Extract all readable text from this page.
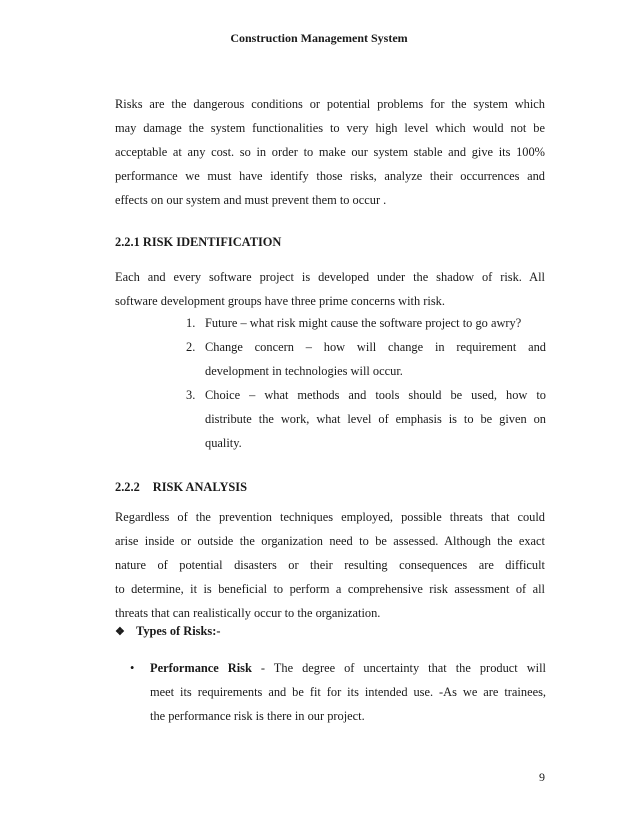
Construction Management System

Risks are the dangerous conditions or potential problems for the system which
may damage the system functionalities to very high level which would not be
acceptable at any cost. so in order to make our system stable and give its 100%
performance we must have identify those risks, analyze their occurrences and
effects on our system and must prevent them to occur .

2.2.1 RISK IDENTIFICATION

Each and every software project is developed under the shadow of risk. All
software development groups have three prime concerns with risk.

1. Future – what risk might cause the software project to go awry?
2. Change concern – how will change in requirement and
development in technologies will occur.
3. Choice – what methods and tools should be used, how to
distribute the work, what level of emphasis is to be given on
quality.

2.2.2 RISK ANALYSIS

Regardless of the prevention techniques employed, possible threats that could
arise inside or outside the organization need to be assessed. Although the exact
nature of potential disasters or their resulting consequences are difficult
to determine, it is beneficial to perform a comprehensive risk assessment of all
threats that can realistically occur to the organization.

❖ Types of Risks:-
• Performance Risk - The degree of uncertainty that the product will
meet its requirements and be fit for its intended use. -As we are trainees,
the performance risk is there in our project.

9
